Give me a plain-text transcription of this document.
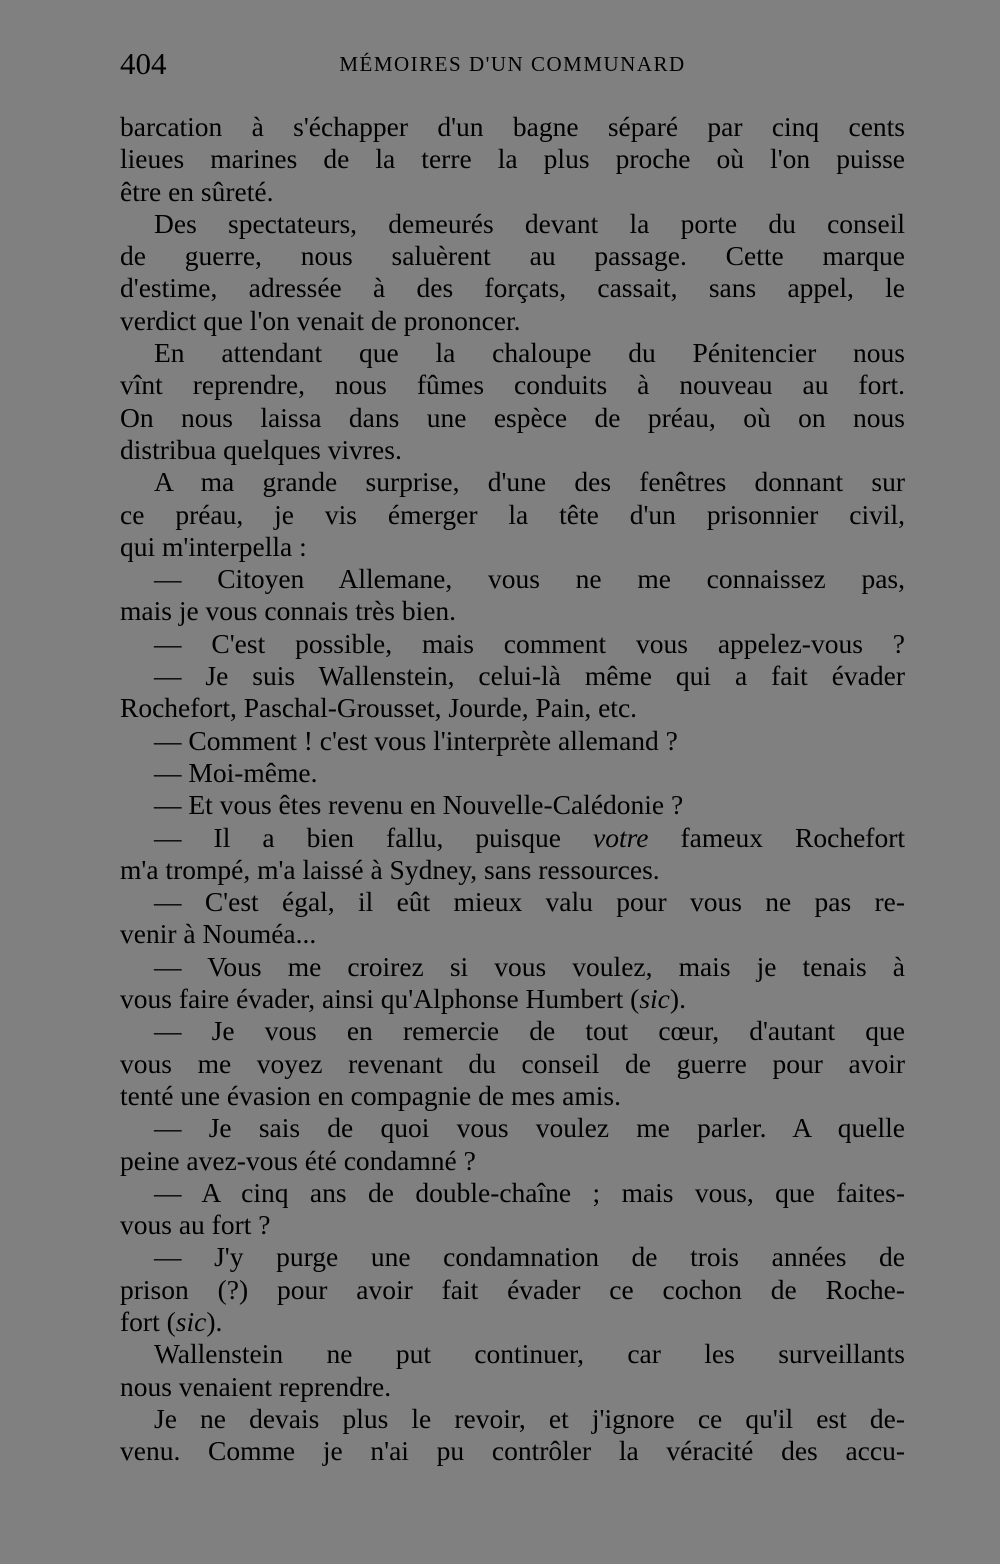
404	MÉMOIRES D'UN COMMUNARD
barcation à s'échapper d'un bagne séparé par cinq cents
lieues marines de la terre la plus proche où l'on puisse
être en sûreté.
Des spectateurs, demeurés devant la porte du conseil
de guerre, nous saluèrent au passage. Cette marque
d'estime, adressée à des forçats, cassait, sans appel, le
verdict que l'on venait de prononcer.
En attendant que la chaloupe du Pénitencier nous
vînt reprendre, nous fûmes conduits à nouveau au fort.
On nous laissa dans une espèce de préau, où on nous
distribua quelques vivres.
A ma grande surprise, d'une des fenêtres donnant sur
ce préau, je vis émerger la tête d'un prisonnier civil,
qui m'interpella :
— Citoyen Allemane, vous ne me connaissez pas,
mais je vous connais très bien.
— C'est possible, mais comment vous appelez-vous ?
— Je suis Wallenstein, celui-là même qui a fait évader
Rochefort, Paschal-Grousset, Jourde, Pain, etc.
— Comment ! c'est vous l'interprète allemand ?
— Moi-même.
— Et vous êtes revenu en Nouvelle-Calédonie ?
— Il a bien fallu, puisque votre fameux Rochefort
m'a trompé, m'a laissé à Sydney, sans ressources.
— C'est égal, il eût mieux valu pour vous ne pas re-
venir à Nouméa...
— Vous me croirez si vous voulez, mais je tenais à
vous faire évader, ainsi qu'Alphonse Humbert (sic).
— Je vous en remercie de tout cœur, d'autant que
vous me voyez revenant du conseil de guerre pour avoir
tenté une évasion en compagnie de mes amis.
— Je sais de quoi vous voulez me parler. A quelle
peine avez-vous été condamné ?
— A cinq ans de double-chaîne ; mais vous, que faites-
vous au fort ?
— J'y purge une condamnation de trois années de
prison (?) pour avoir fait évader ce cochon de Roche-
fort (sic).
Wallenstein ne put continuer, car les surveillants
nous venaient reprendre.
Je ne devais plus le revoir, et j'ignore ce qu'il est de-
venu. Comme je n'ai pu contrôler la véracité des accu-
